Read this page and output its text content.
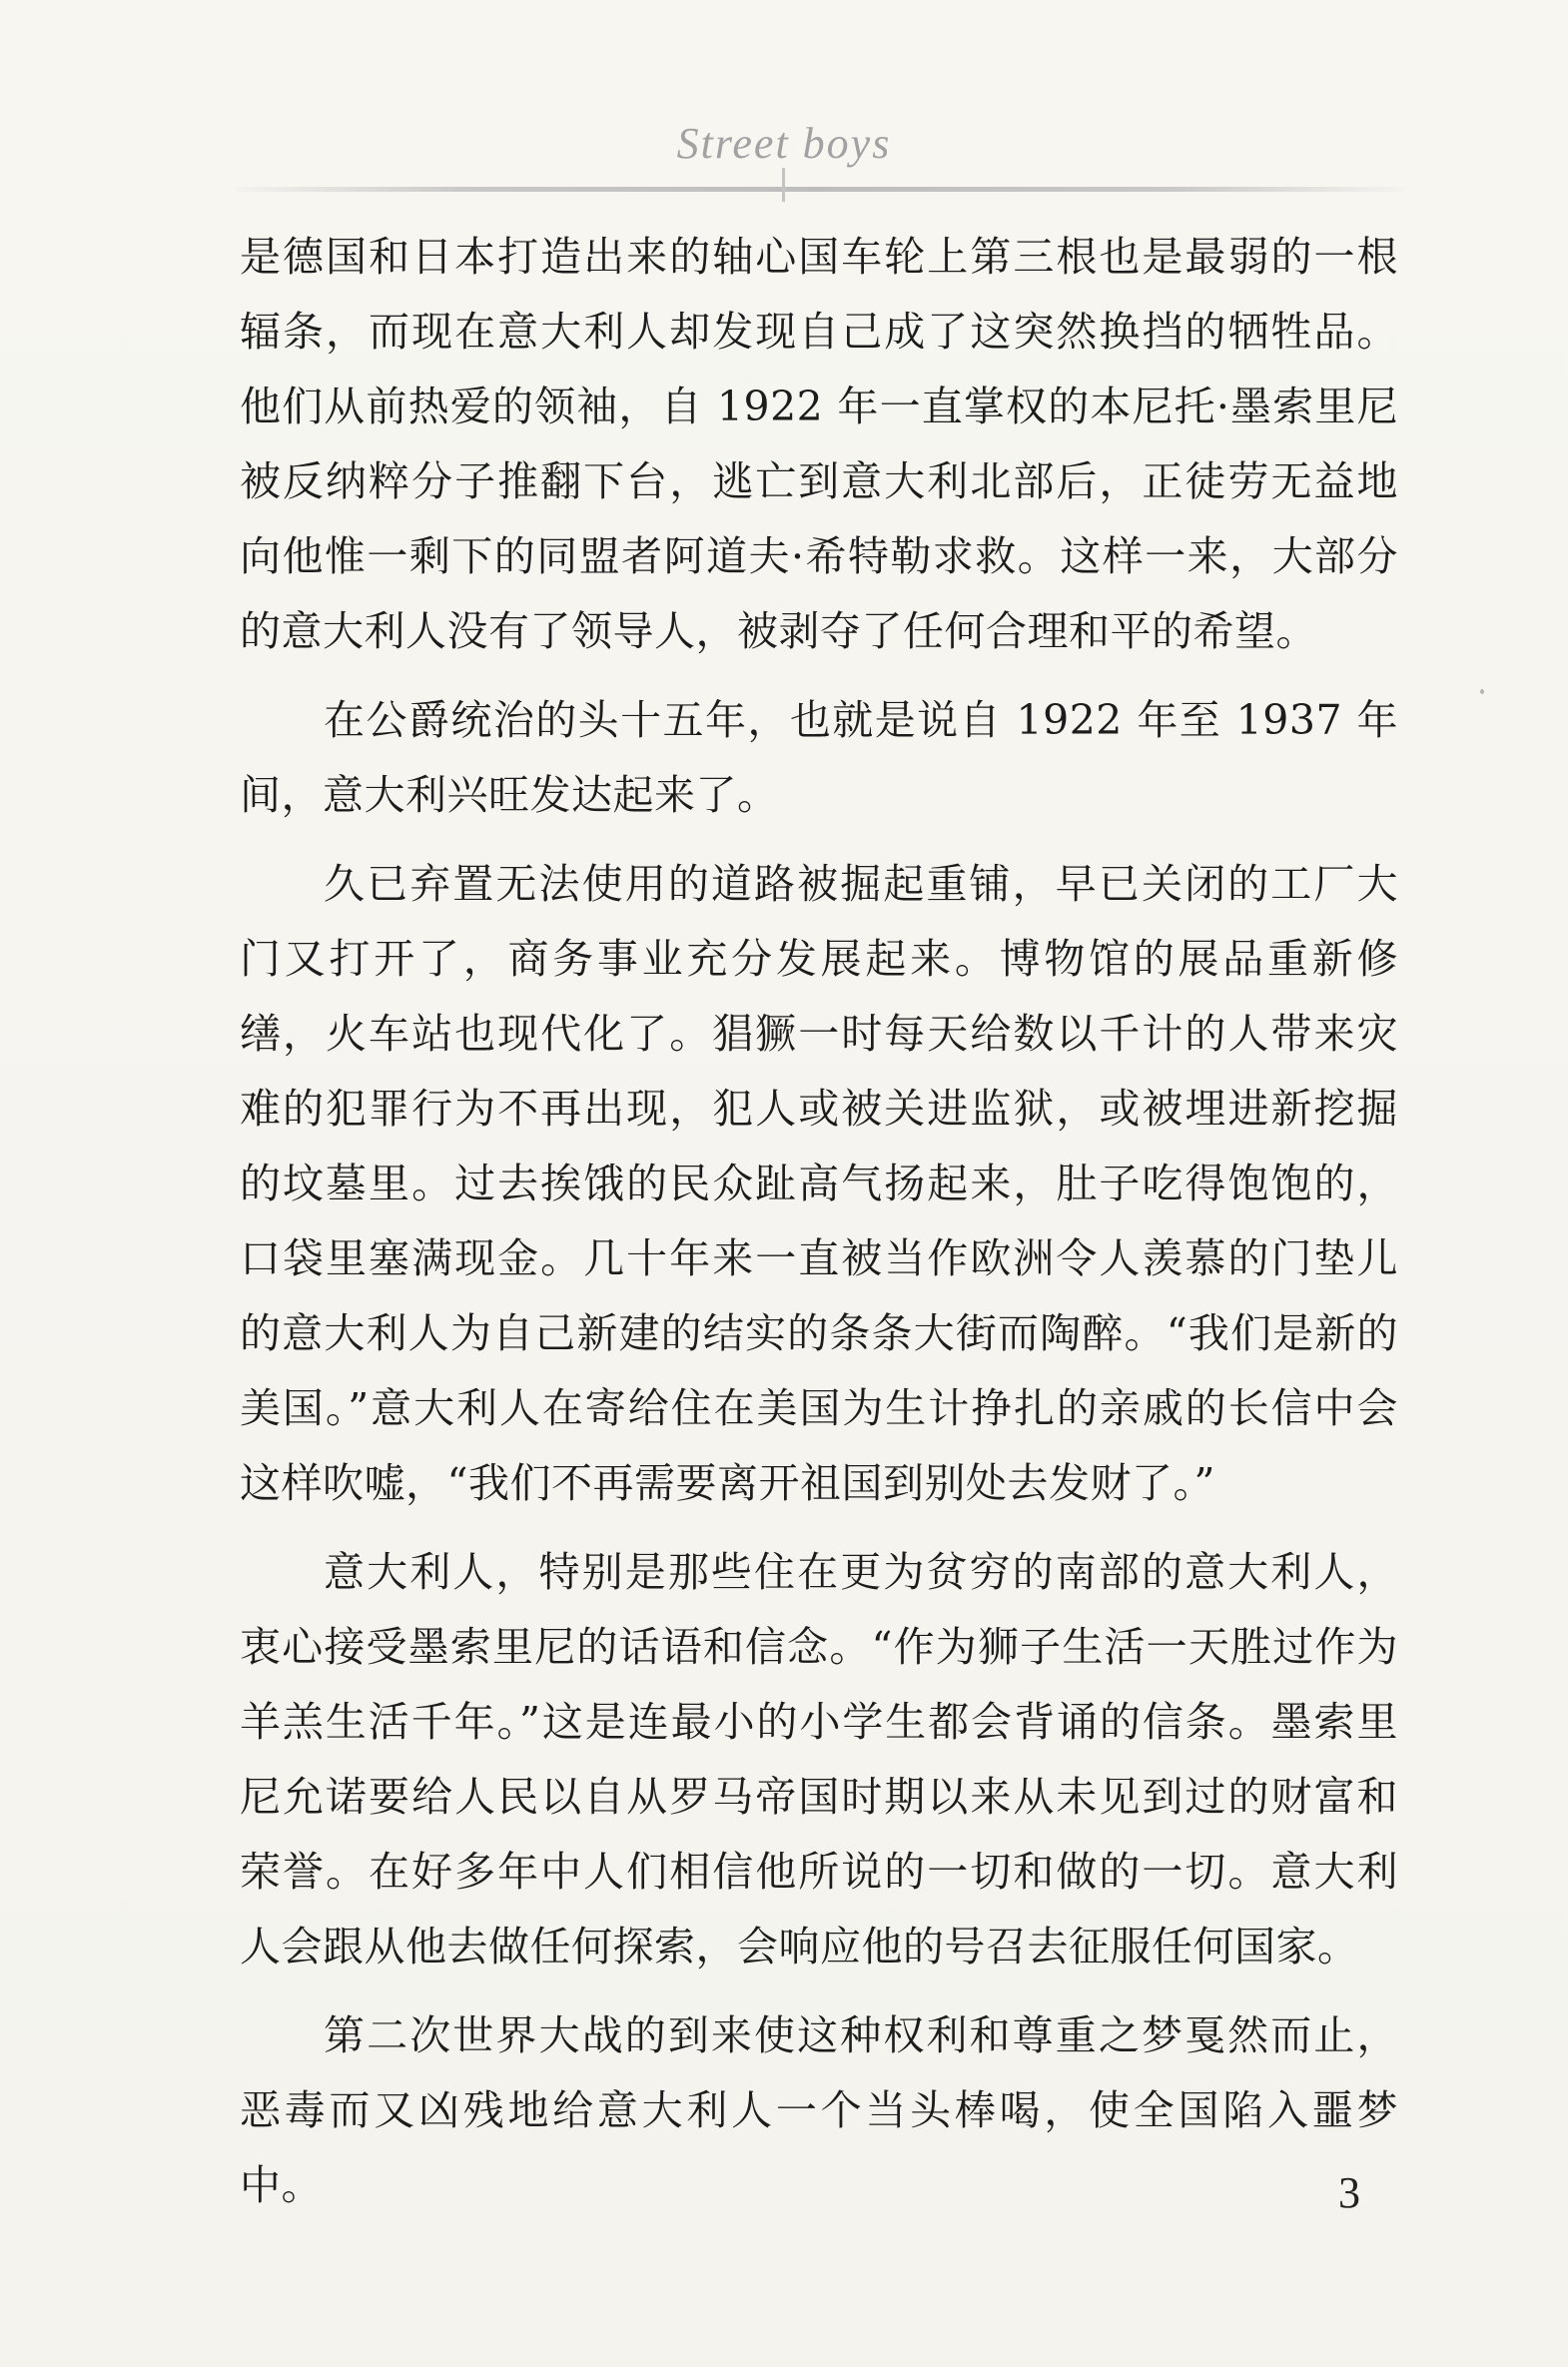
Street boys

是德国和日本打造出来的轴心国车轮上第三根也是最弱的一根辐条，而现在意大利人却发现自己成了这突然换挡的牺牲品。他们从前热爱的领袖，自 1922 年一直掌权的本尼托·墨索里尼被反纳粹分子推翻下台，逃亡到意大利北部后，正徒劳无益地向他惟一剩下的同盟者阿道夫·希特勒求救。这样一来，大部分的意大利人没有了领导人，被剥夺了任何合理和平的希望。

在公爵统治的头十五年，也就是说自 1922 年至 1937 年间，意大利兴旺发达起来了。

久已弃置无法使用的道路被掘起重铺，早已关闭的工厂大门又打开了，商务事业充分发展起来。博物馆的展品重新修缮，火车站也现代化了。猖獗一时每天给数以千计的人带来灾难的犯罪行为不再出现，犯人或被关进监狱，或被埋进新挖掘的坟墓里。过去挨饿的民众趾高气扬起来，肚子吃得饱饱的，口袋里塞满现金。几十年来一直被当作欧洲令人羡慕的门垫儿的意大利人为自己新建的结实的条条大街而陶醉。“我们是新的美国。”意大利人在寄给住在美国为生计挣扎的亲戚的长信中会这样吹嘘，“我们不再需要离开祖国到别处去发财了。”

意大利人，特别是那些住在更为贫穷的南部的意大利人，衷心接受墨索里尼的话语和信念。“作为狮子生活一天胜过作为羊羔生活千年。”这是连最小的小学生都会背诵的信条。墨索里尼允诺要给人民以自从罗马帝国时期以来从未见到过的财富和荣誉。在好多年中人们相信他所说的一切和做的一切。意大利人会跟从他去做任何探索，会响应他的号召去征服任何国家。

第二次世界大战的到来使这种权利和尊重之梦戛然而止，恶毒而又凶残地给意大利人一个当头棒喝，使全国陷入噩梦中。	3
